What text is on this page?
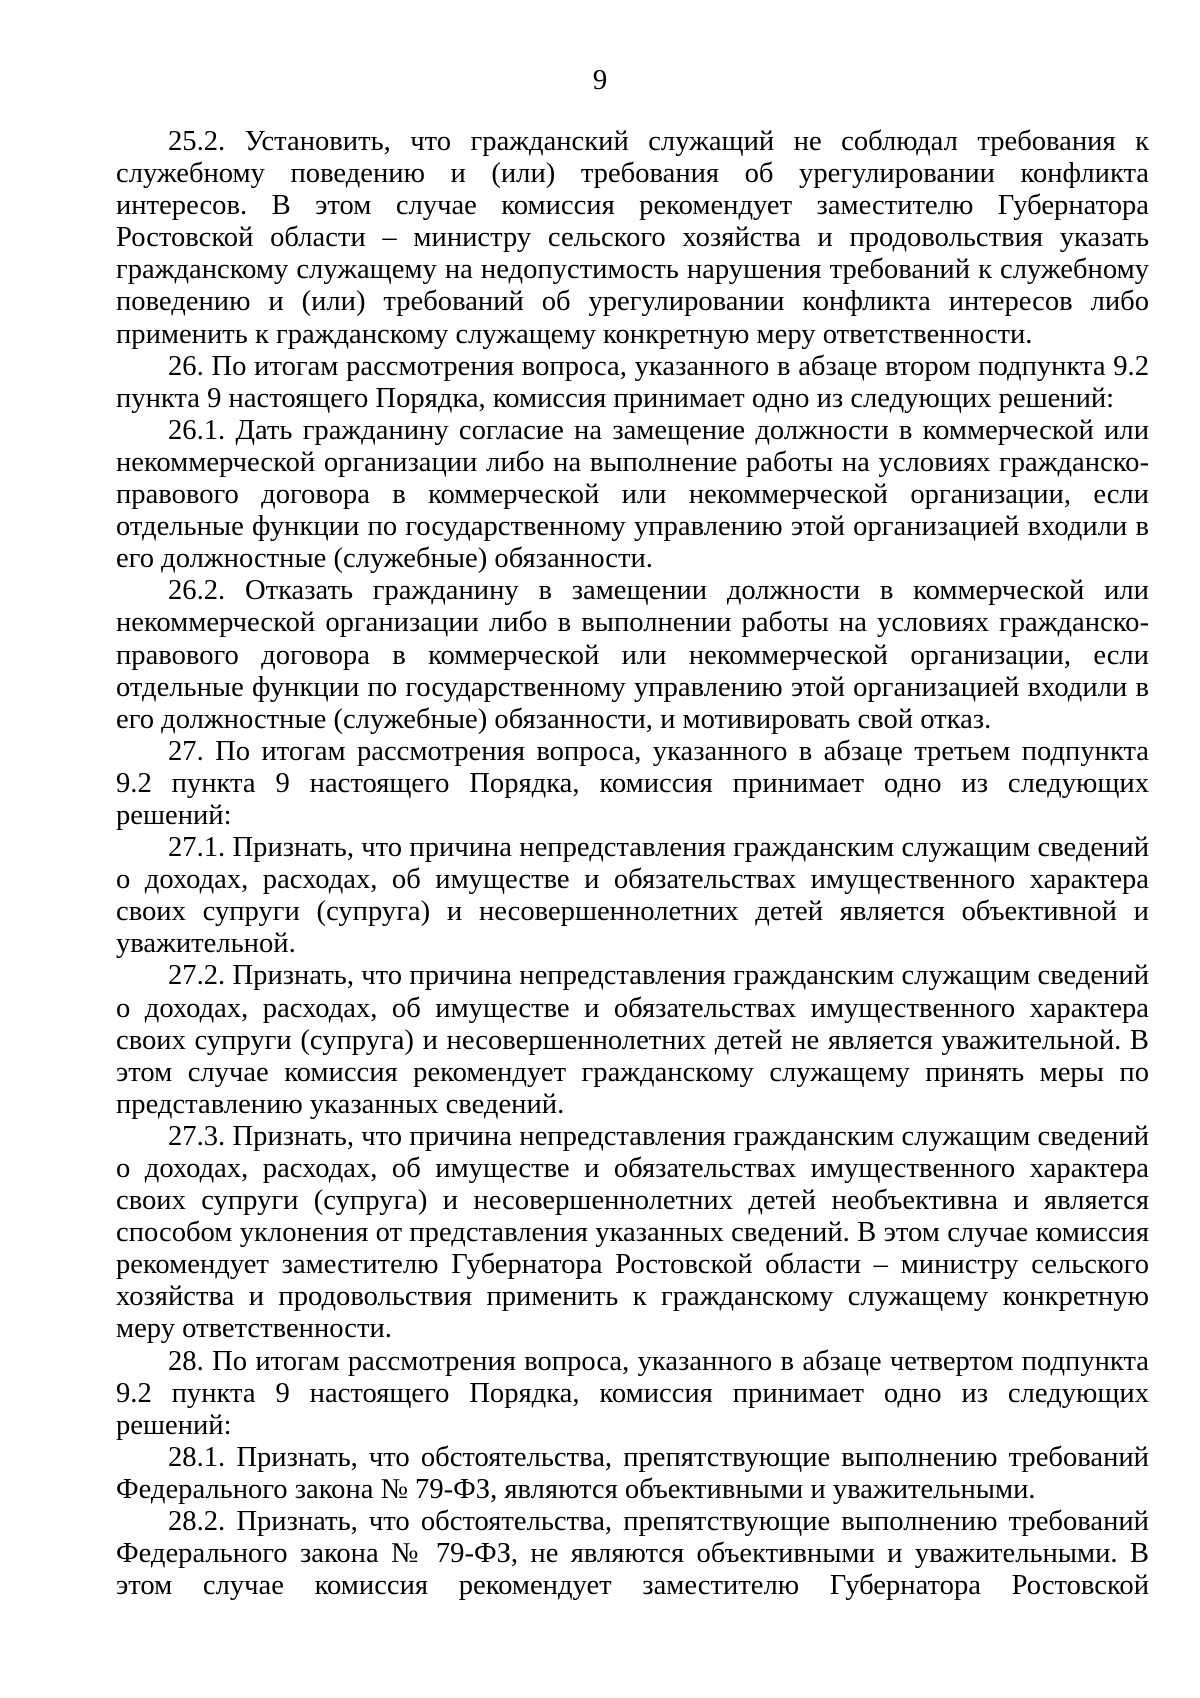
9

25.2. Установить, что гражданский служащий не соблюдал требования к служебному поведению и (или) требования об урегулировании конфликта интересов. В этом случае комиссия рекомендует заместителю Губернатора Ростовской области – министру сельского хозяйства и продовольствия указать гражданскому служащему на недопустимость нарушения требований к служебному поведению и (или) требований об урегулировании конфликта интересов либо применить к гражданскому служащему конкретную меру ответственности.

26. По итогам рассмотрения вопроса, указанного в абзаце втором подпункта 9.2 пункта 9 настоящего Порядка, комиссия принимает одно из следующих решений:

26.1. Дать гражданину согласие на замещение должности в коммерческой или некоммерческой организации либо на выполнение работы на условиях гражданско-правового договора в коммерческой или некоммерческой организации, если отдельные функции по государственному управлению этой организацией входили в его должностные (служебные) обязанности.

26.2. Отказать гражданину в замещении должности в коммерческой или некоммерческой организации либо в выполнении работы на условиях гражданско-правового договора в коммерческой или некоммерческой организации, если отдельные функции по государственному управлению этой организацией входили в его должностные (служебные) обязанности, и мотивировать свой отказ.

27. По итогам рассмотрения вопроса, указанного в абзаце третьем подпункта 9.2 пункта 9 настоящего Порядка, комиссия принимает одно из следующих решений:

27.1. Признать, что причина непредставления гражданским служащим сведений о доходах, расходах, об имуществе и обязательствах имущественного характера своих супруги (супруга) и несовершеннолетних детей является объективной и уважительной.

27.2. Признать, что причина непредставления гражданским служащим сведений о доходах, расходах, об имуществе и обязательствах имущественного характера своих супруги (супруга) и несовершеннолетних детей не является уважительной. В этом случае комиссия рекомендует гражданскому служащему принять меры по представлению указанных сведений.

27.3. Признать, что причина непредставления гражданским служащим сведений о доходах, расходах, об имуществе и обязательствах имущественного характера своих супруги (супруга) и несовершеннолетних детей необъективна и является способом уклонения от представления указанных сведений. В этом случае комиссия рекомендует заместителю Губернатора Ростовской области – министру сельского хозяйства и продовольствия применить к гражданскому служащему конкретную меру ответственности.

28. По итогам рассмотрения вопроса, указанного в абзаце четвертом подпункта 9.2 пункта 9 настоящего Порядка, комиссия принимает одно из следующих решений:

28.1. Признать, что обстоятельства, препятствующие выполнению требований Федерального закона № 79-ФЗ, являются объективными и уважительными.

28.2. Признать, что обстоятельства, препятствующие выполнению требований Федерального закона № 79-ФЗ, не являются объективными и уважительными. В этом случае комиссия рекомендует заместителю Губернатора Ростовской
